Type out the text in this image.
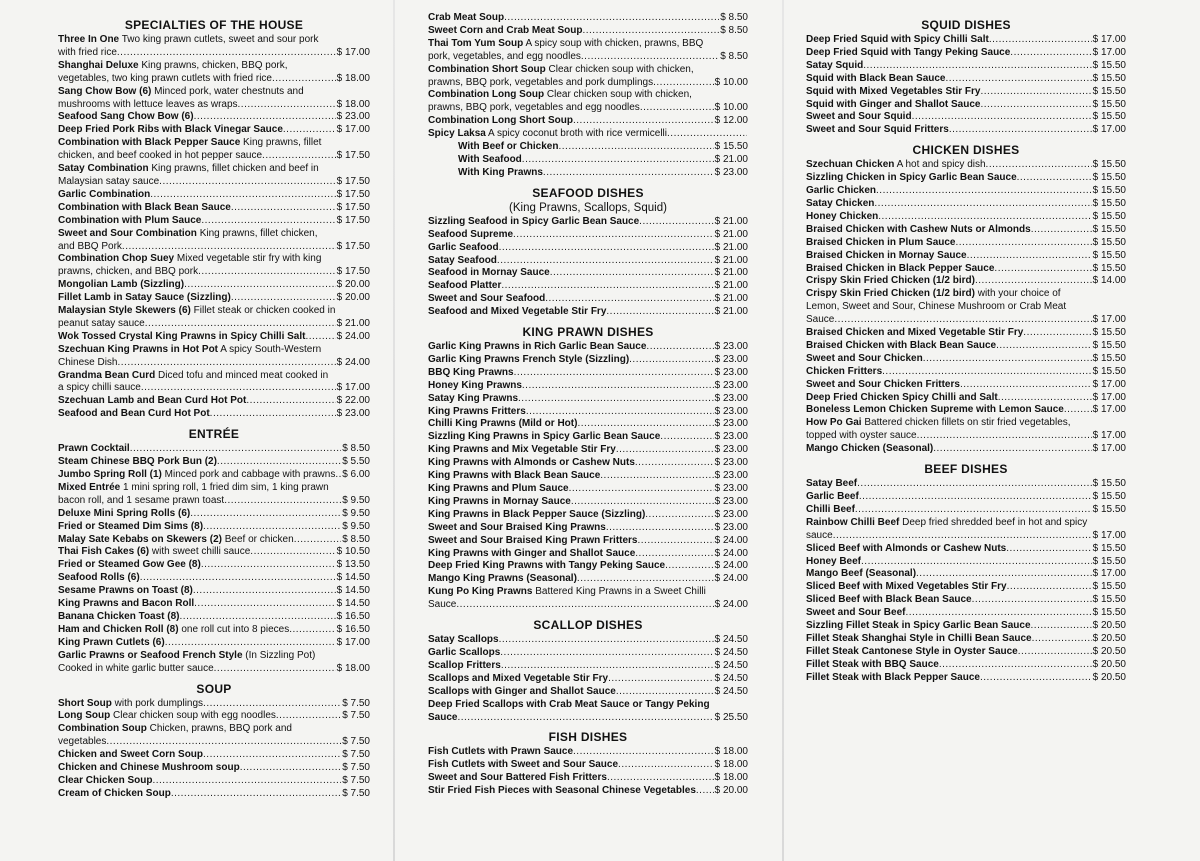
SPECIALTIES OF THE HOUSE
Three In One Two king prawn cutlets, sweet and sour pork with fried rice .....	$ 17.00
Shanghai Deluxe King prawns, chicken, BBQ pork, vegetables, two king prawn cutlets with fried rice .....	$ 18.00
Sang Chow Bow (6) Minced pork, water chestnuts and mushrooms with lettuce leaves as wraps .....	$ 18.00
Seafood Sang Chow Bow (6) .....	$ 23.00
Deep Fried Pork Ribs with Black Vinegar Sauce .....	$ 17.00
Combination with Black Pepper Sauce King prawns, fillet chicken, and beef cooked in hot pepper sauce .....	$ 17.50
Satay Combination King prawns, fillet chicken and beef in Malaysian satay sauce .....	$ 17.50
Garlic Combination .....	$ 17.50
Combination with Black Bean Sauce .....	$ 17.50
Combination with Plum Sauce .....	$ 17.50
Sweet and Sour Combination King prawns, fillet chicken, and BBQ Pork .....	$ 17.50
Combination Chop Suey Mixed vegetable stir fry with king prawns, chicken, and BBQ pork .....	$ 17.50
Mongolian Lamb (Sizzling) .....	$ 20.00
Fillet Lamb in Satay Sauce (Sizzling) .....	$ 20.00
Malaysian Style Skewers (6) Fillet steak or chicken cooked in peanut satay sauce .....	$ 21.00
Wok Tossed Crystal King Prawns in Spicy Chilli Salt .....	$ 24.00
Szechuan King Prawns in Hot Pot A spicy South-Western Chinese Dish .....	$ 24.00
Grandma Bean Curd Diced tofu and minced meat cooked in a spicy chilli sauce .....	$ 17.00
Szechuan Lamb and Bean Curd Hot Pot .....	$ 22.00
Seafood and Bean Curd Hot Pot .....	$ 23.00
ENTRÉE
Prawn Cocktail .....	$ 8.50
Steam Chinese BBQ Pork Bun (2) .....	$ 5.50
Jumbo Spring Roll (1) Minced pork and cabbage with prawns ..... $ 6.00
Mixed Entrée 1 mini spring roll, 1 fried dim sim, 1 king prawn bacon roll, and 1 sesame prawn toast .....	$ 9.50
Deluxe Mini Spring Rolls (6) .....	$ 9.50
Fried or Steamed Dim Sims (8) .....	$ 9.50
Malay Sate Kebabs on Skewers (2) Beef or chicken .....	$ 8.50
Thai Fish Cakes (6) with sweet chilli sauce .....	$ 10.50
Fried or Steamed Gow Gee (8) .....	$ 13.50
Seafood Rolls (6) .....	$ 14.50
Sesame Prawns on Toast (8) .....	$ 14.50
King Prawns and Bacon Roll .....	$ 14.50
Banana Chicken Toast (8) .....	$ 16.50
Ham and Chicken Roll (8) one roll cut into 8 pieces .....	$ 16.50
King Prawn Cutlets (6) .....	$ 17.00
Garlic Prawns or Seafood French Style (In Sizzling Pot) Cooked in white garlic butter sauce .....	$ 18.00
SOUP
Short Soup with pork dumplings .....	$ 7.50
Long Soup Clear chicken soup with egg noodles .....	$ 7.50
Combination Soup Chicken, prawns, BBQ pork and vegetables .....	$ 7.50
Chicken and Sweet Corn Soup .....	$ 7.50
Chicken and Chinese Mushroom soup .....	$ 7.50
Clear Chicken Soup .....	$ 7.50
Cream of Chicken Soup .....	$ 7.50
Crab Meat Soup .....	$ 8.50
Sweet Corn and Crab Meat Soup .....	$ 8.50
Thai Tom Yum Soup A spicy soup with chicken, prawns, BBQ pork, vegetables, and egg noodles .....	$ 8.50
Combination Short Soup Clear chicken soup with chicken, prawns, BBQ pork, vegetables and pork dumplings .....	$ 10.00
Combination Long Soup Clear chicken soup with chicken, prawns, BBQ pork, vegetables and egg noodles .....	$ 10.00
Combination Long Short Soup .....	$ 12.00
Spicy Laksa A spicy coconut broth with rice vermicelli .....
With Beef or Chicken .....	$ 15.50
With Seafood .....	$ 21.00
With King Prawns .....	$ 23.00
SEAFOOD DISHES
(King Prawns, Scallops, Squid)
Sizzling Seafood in Spicy Garlic Bean Sauce .....	$ 21.00
Seafood Supreme .....	$ 21.00
Garlic Seafood .....	$ 21.00
Satay Seafood .....	$ 21.00
Seafood in Mornay Sauce .....	$ 21.00
Seafood Platter .....	$ 21.00
Sweet and Sour Seafood .....	$ 21.00
Seafood and Mixed Vegetable Stir Fry .....	$ 21.00
KING PRAWN DISHES
Garlic King Prawns in Rich Garlic Bean Sauce .....	$ 23.00
Garlic King Prawns French Style (Sizzling) .....	$ 23.00
BBQ King Prawns .....	$ 23.00
Honey King Prawns .....	$ 23.00
Satay King Prawns .....	$ 23.00
King Prawns Fritters .....	$ 23.00
Chilli King Prawns (Mild or Hot) .....	$ 23.00
Sizzling King Prawns in Spicy Garlic Bean Sauce .....	$ 23.00
King Prawns and Mix Vegetable Stir Fry .....	$ 23.00
King Prawns with Almonds or Cashew Nuts .....	$ 23.00
King Prawns with Black Bean Sauce .....	$ 23.00
King Prawns and Plum Sauce .....	$ 23.00
King Prawns in Mornay Sauce .....	$ 23.00
King Prawns in Black Pepper Sauce (Sizzling) .....	$ 23.00
Sweet and Sour Braised King Prawns .....	$ 23.00
Sweet and Sour Braised King Prawn Fritters .....	$ 24.00
King Prawns with Ginger and Shallot Sauce .....	$ 24.00
Deep Fried King Prawns with Tangy Peking Sauce .....	$ 24.00
Mango King Prawns (Seasonal) .....	$ 24.00
Kung Po King Prawns Battered King Prawns in a Sweet Chilli Sauce .....	$ 24.00
SCALLOP DISHES
Satay Scallops .....	$ 24.50
Garlic Scallops .....	$ 24.50
Scallop Fritters .....	$ 24.50
Scallops and Mixed Vegetable Stir Fry .....	$ 24.50
Scallops with Ginger and Shallot Sauce .....	$ 24.50
Deep Fried Scallops with Crab Meat Sauce or Tangy Peking Sauce .....	$ 25.50
FISH DISHES
Fish Cutlets with Prawn Sauce .....	$ 18.00
Fish Cutlets with Sweet and Sour Sauce .....	$ 18.00
Sweet and Sour Battered Fish Fritters .....	$ 18.00
Stir Fried Fish Pieces with Seasonal Chinese Vegetables .....	$ 20.00
SQUID DISHES
Deep Fried Squid with Spicy Chilli Salt .....	$ 17.00
Deep Fried Squid with Tangy Peking Sauce .....	$ 17.00
Satay Squid .....	$ 15.50
Squid with Black Bean Sauce .....	$ 15.50
Squid with Mixed Vegetables Stir Fry .....	$ 15.50
Squid with Ginger and Shallot Sauce .....	$ 15.50
Sweet and Sour Squid .....	$ 15.50
Sweet and Sour Squid Fritters .....	$ 17.00
CHICKEN DISHES
Szechuan Chicken A hot and spicy dish .....	$ 15.50
Sizzling Chicken in Spicy Garlic Bean Sauce .....	$ 15.50
Garlic Chicken .....	$ 15.50
Satay Chicken .....	$ 15.50
Honey Chicken .....	$ 15.50
Braised Chicken with Cashew Nuts or Almonds .....	$ 15.50
Braised Chicken in Plum Sauce .....	$ 15.50
Braised Chicken in Mornay Sauce .....	$ 15.50
Braised Chicken in Black Pepper Sauce .....	$ 15.50
Crispy Skin Fried Chicken (1/2 bird) .....	$ 14.00
Crispy Skin Fried Chicken (1/2 bird) with your choice of Lemon, Sweet and Sour, Chinese Mushroom or Crab Meat Sauce .....	$ 17.00
Braised Chicken and Mixed Vegetable Stir Fry .....	$ 15.50
Braised Chicken with Black Bean Sauce .....	$ 15.50
Sweet and Sour Chicken .....	$ 15.50
Chicken Fritters .....	$ 15.50
Sweet and Sour Chicken Fritters .....	$ 17.00
Deep Fried Chicken Spicy Chilli and Salt .....	$ 17.00
Boneless Lemon Chicken Supreme with Lemon Sauce .....	$ 17.00
How Po Gai Battered chicken fillets on stir fried vegetables, topped with oyster sauce .....	$ 17.00
Mango Chicken (Seasonal) .....	$ 17.00
BEEF DISHES
Satay Beef .....	$ 15.50
Garlic Beef .....	$ 15.50
Chilli Beef .....	$ 15.50
Rainbow Chilli Beef Deep fried shredded beef in hot and spicy sauce .....	$ 17.00
Sliced Beef with Almonds or Cashew Nuts .....	$ 15.50
Honey Beef .....	$ 15.50
Mango Beef (Seasonal) .....	$ 17.00
Sliced Beef with Mixed Vegetables Stir Fry .....	$ 15.50
Sliced Beef with Black Bean Sauce .....	$ 15.50
Sweet and Sour Beef .....	$ 15.50
Sizzling Fillet Steak in Spicy Garlic Bean Sauce .....	$ 20.50
Fillet Steak Shanghai Style in Chilli Bean Sauce .....	$ 20.50
Fillet Steak Cantonese Style in Oyster Sauce .....	$ 20.50
Fillet Steak with BBQ Sauce .....	$ 20.50
Fillet Steak with Black Pepper Sauce .....	$ 20.50
